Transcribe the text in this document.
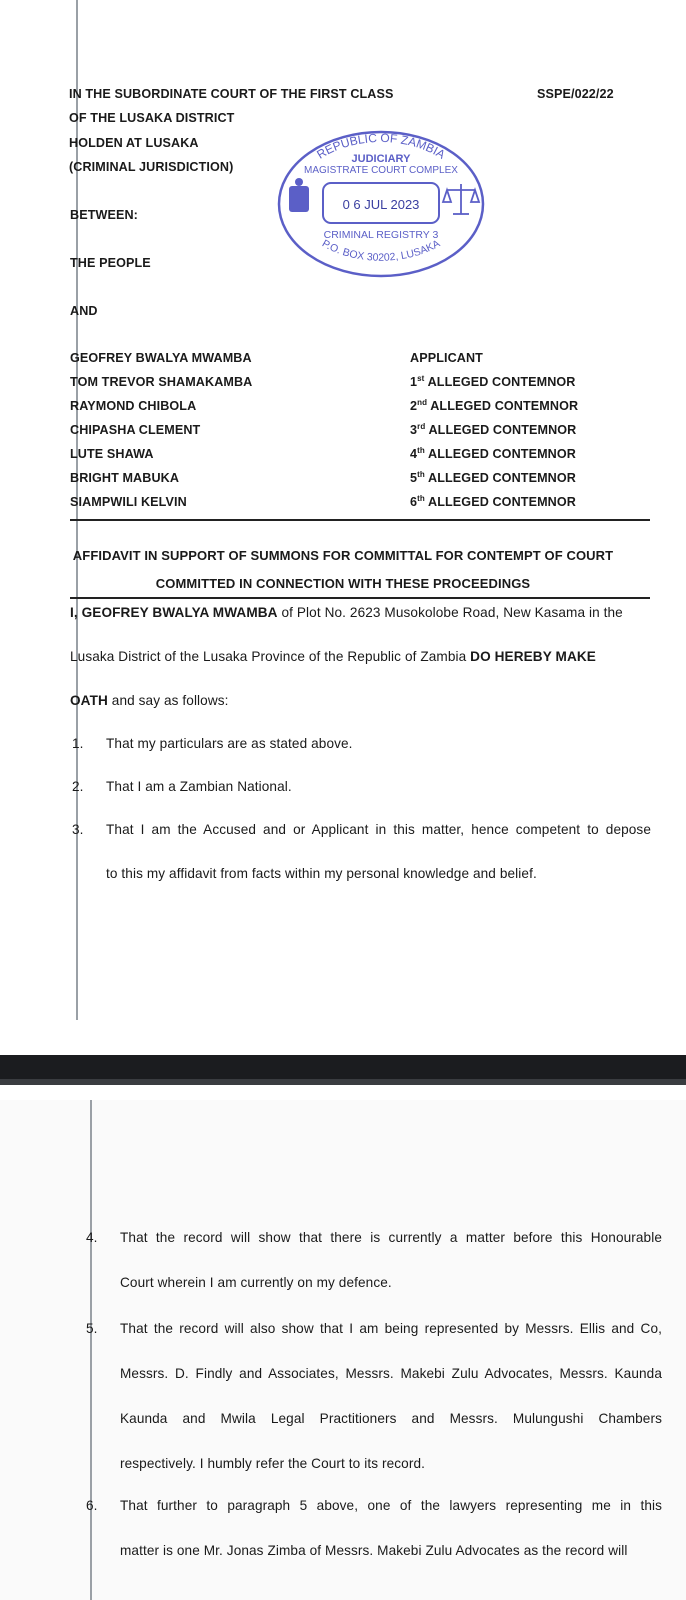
IN THE SUBORDINATE COURT OF THE FIRST CLASS
OF THE LUSAKA DISTRICT
HOLDEN AT LUSAKA
(CRIMINAL JURISDICTION)
SSPE/022/22
BETWEEN:
THE PEOPLE
AND
REPUBLIC OF ZAMBIA
JUDICIARY
MAGISTRATE COURT COMPLEX
0 6 JUL 2023
CRIMINAL REGISTRY 3
P.O. BOX 30202, LUSAKA
GEOFREY BWALYA MWAMBA	APPLICANT
TOM TREVOR SHAMAKAMBA	1st ALLEGED CONTEMNOR
RAYMOND CHIBOLA	2nd ALLEGED CONTEMNOR
CHIPASHA CLEMENT	3rd ALLEGED CONTEMNOR
LUTE SHAWA	4th ALLEGED CONTEMNOR
BRIGHT MABUKA	5th ALLEGED CONTEMNOR
SIAMPWILI KELVIN	6th ALLEGED CONTEMNOR
AFFIDAVIT IN SUPPORT OF SUMMONS FOR COMMITTAL FOR CONTEMPT OF COURT
COMMITTED IN CONNECTION WITH THESE PROCEEDINGS
I, GEOFREY BWALYA MWAMBA of Plot No. 2623 Musokolobe Road, New Kasama in the
Lusaka District of the Lusaka Province of the Republic of Zambia DO HEREBY MAKE
OATH and say as follows:
1. That my particulars are as stated above.
2. That I am a Zambian National.
3. That I am the Accused and or Applicant in this matter, hence competent to depose
to this my affidavit from facts within my personal knowledge and belief.
4. That the record will show that there is currently a matter before this Honourable
Court wherein I am currently on my defence.
5. That the record will also show that I am being represented by Messrs. Ellis and Co,
Messrs. D. Findly and Associates, Messrs. Makebi Zulu Advocates, Messrs. Kaunda
Kaunda and Mwila Legal Practitioners and Messrs. Mulungushi Chambers
respectively. I humbly refer the Court to its record.
6. That further to paragraph 5 above, one of the lawyers representing me in this
matter is one Mr. Jonas Zimba of Messrs. Makebi Zulu Advocates as the record will
